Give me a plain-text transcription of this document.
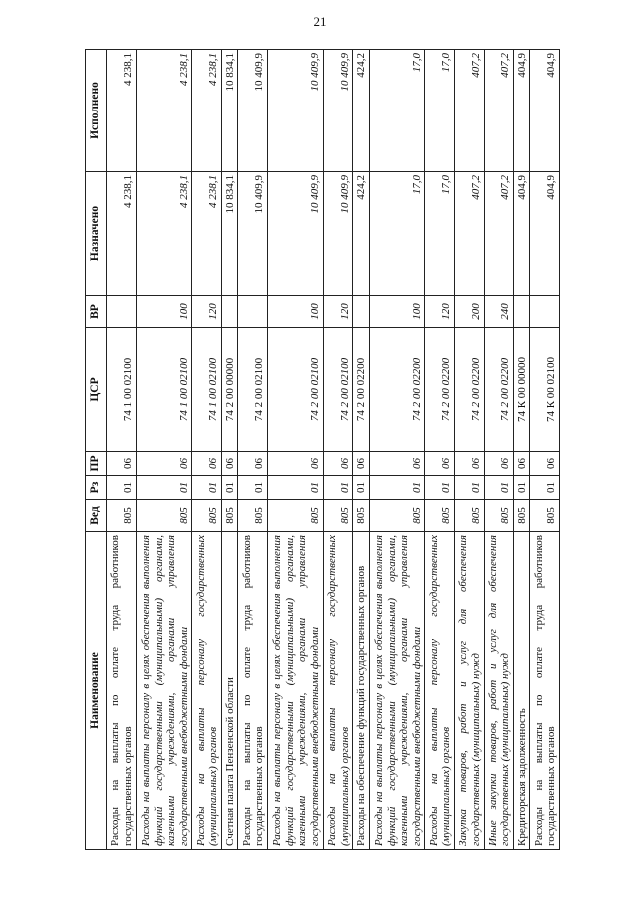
21
Наименование	Вед	Рз	ПР	ЦСР	ВР	Назначено	Исполнено
Расходы на выплаты по оплате труда работников государственных органов	805	01	06	74 1 00 02100		4 238,1	4 238,1
Расходы на выплаты персоналу в целях обеспечения выполнения функций государственными (муниципальными) органами, казенными учреждениями, органами управления государственными внебюджетными фондами	805	01	06	74 1 00 02100	100	4 238,1	4 238,1
Расходы на выплаты персоналу государственных (муниципальных) органов	805	01	06	74 1 00 02100	120	4 238,1	4 238,1
Счетная палата Пензенской области	805	01	06	74 2 00 00000		10 834,1	10 834,1
Расходы на выплаты по оплате труда работников государственных органов	805	01	06	74 2 00 02100		10 409,9	10 409,9
Расходы на выплаты персоналу в целях обеспечения выполнения функций государственными (муниципальными) органами, казенными учреждениями, органами управления государственными внебюджетными фондами	805	01	06	74 2 00 02100	100	10 409,9	10 409,9
Расходы на выплаты персоналу государственных (муниципальных) органов	805	01	06	74 2 00 02100	120	10 409,9	10 409,9
Расходы на обеспечение функций государственных органов	805	01	06	74 2 00 02200		424,2	424,2
Расходы на выплаты персоналу в целях обеспечения выполнения функций государственными (муниципальными) органами, казенными учреждениями, органами управления государственными внебюджетными фондами	805	01	06	74 2 00 02200	100	17,0	17,0
Расходы на выплаты персоналу государственных (муниципальных) органов	805	01	06	74 2 00 02200	120	17,0	17,0
Закупка товаров, работ и услуг для обеспечения государственных (муниципальных) нужд	805	01	06	74 2 00 02200	200	407,2	407,2
Иные закупки товаров, работ и услуг для обеспечения государственных (муниципальных) нужд	805	01	06	74 2 00 02200	240	407,2	407,2
Кредиторская задолженность	805	01	06	74 К 00 00000		404,9	404,9
Расходы на выплаты по оплате труда работников государственных органов	805	01	06	74 К 00 02100		404,9	404,9
